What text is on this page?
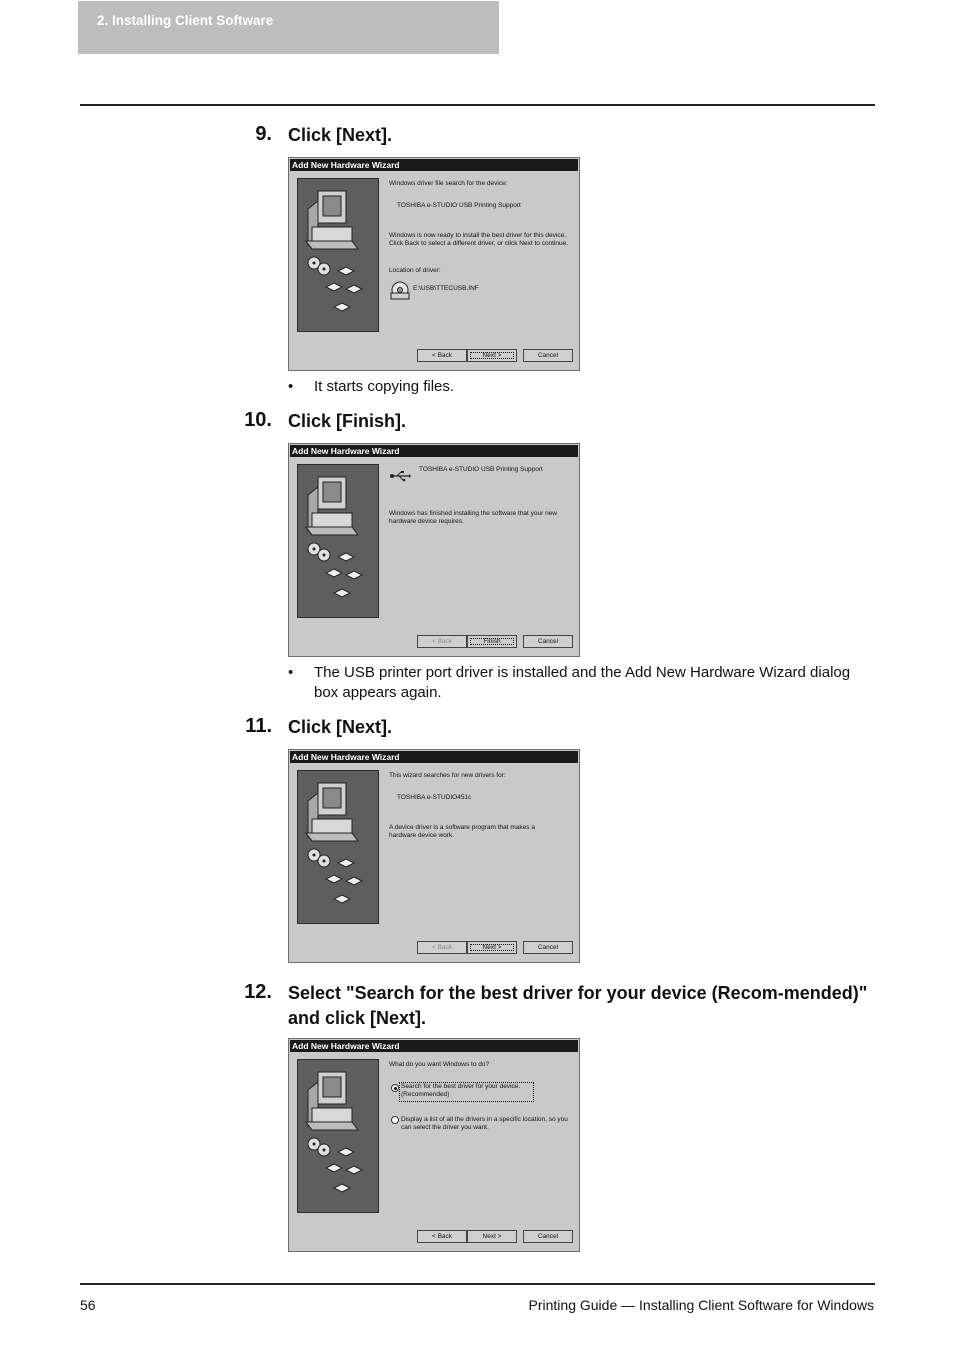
2. Installing Client Software
9. Click [Next].
Add New Hardware Wizard
Windows driver file search for the device:
TOSHIBA e-STUDIO USB Printing Support
Windows is now ready to install the best driver for this device. Click Back to select a different driver, or click Next to continue.
Location of driver:
E:\USB\TTECUSB.INF
< Back	Next >	Cancel
• It starts copying files.
10. Click [Finish].
Add New Hardware Wizard
TOSHIBA e-STUDIO USB Printing Support
Windows has finished installing the software that your new hardware device requires.
< Back	Finish	Cancel
• The USB printer port driver is installed and the Add New Hardware Wizard dialog box appears again.
11. Click [Next].
Add New Hardware Wizard
This wizard searches for new drivers for:
TOSHIBA e-STUDIO451c
A device driver is a software program that makes a hardware device work.
< Back	Next >	Cancel
12. Select "Search for the best driver for your device (Recom-mended)" and click [Next].
Add New Hardware Wizard
What do you want Windows to do?
Search for the best driver for your device. (Recommended)
Display a list of all the drivers in a specific location, so you can select the driver you want.
< Back	Next >	Cancel
56	Printing Guide — Installing Client Software for Windows
